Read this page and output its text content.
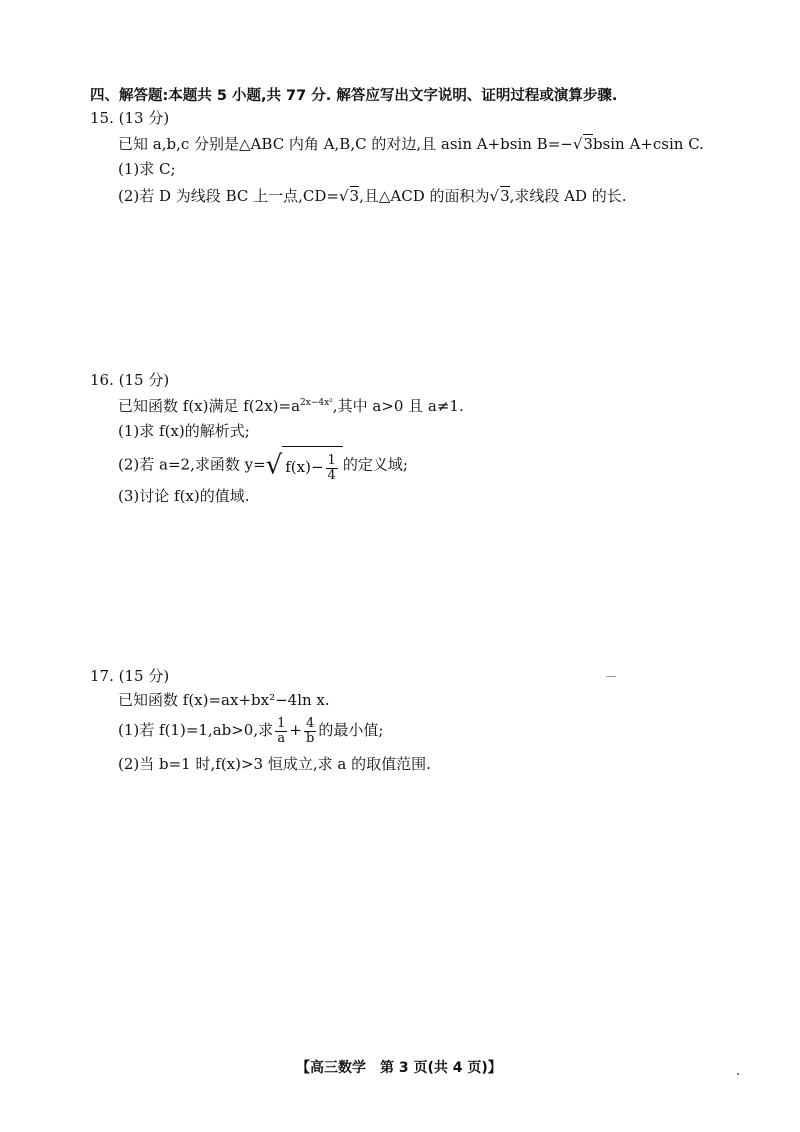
四、解答题:本题共 5 小题,共 77 分. 解答应写出文字说明、证明过程或演算步骤.
15. (13 分)
已知 a,b,c 分别是△ABC 内角 A,B,C 的对边,且 asin A+bsin B=−√3bsin A+csin C.
(1)求 C;
(2)若 D 为线段 BC 上一点,CD=√3,且△ACD 的面积为√3,求线段 AD 的长.
16. (15 分)
已知函数 f(x)满足 $f(2x)=a^{2x-4x^2}$,其中 a>0 且 a≠1.
(1)求 f(x)的解析式;
(2)若 a=2,求函数 y=√ $f(x)- \frac{1}{4}$ 的定义域;
(3)讨论 f(x)的值域.
17. (15 分)
已知函数 f(x)=ax+bx²−4ln x.
(1)若 f(1)=1,ab>0,求 $\frac{1}{a} + \frac{4}{b}$ 的最小值;
(2)当 b=1 时,f(x)>3 恒成立,求 a 的取值范围.
【高三数学　第 3 页(共 4 页)】
